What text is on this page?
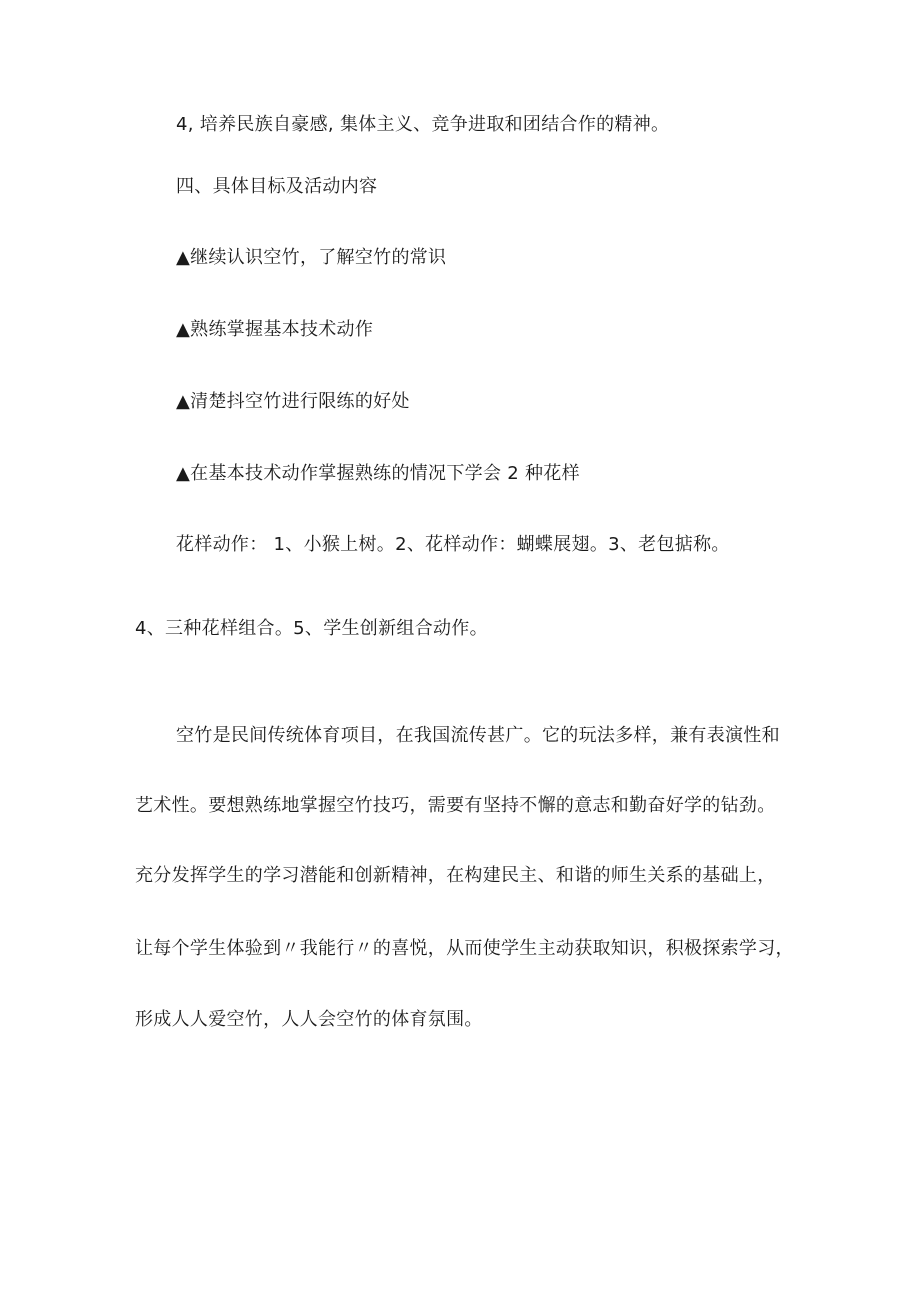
4, 培养民族自豪感, 集体主义、竞争进取和团结合作的精神。
四、具体目标及活动内容
▲继续认识空竹，了解空竹的常识
▲熟练掌握基本技术动作
▲清楚抖空竹进行限练的好处
▲在基本技术动作掌握熟练的情况下学会 2 种花样
花样动作： 1、小猴上树。2、花样动作：蝴蝶展翅。3、老包掂称。
4、三种花样组合。5、学生创新组合动作。
空竹是民间传统体育项目，在我国流传甚广。它的玩法多样，兼有表演性和
艺术性。要想熟练地掌握空竹技巧，需要有坚持不懈的意志和勤奋好学的钻劲。
充分发挥学生的学习潜能和创新精神，在构建民主、和谐的师生关系的基础上，
让每个学生体验到〃我能行〃的喜悦，从而使学生主动获取知识，积极探索学习，
形成人人爱空竹，人人会空竹的体育氛围。
